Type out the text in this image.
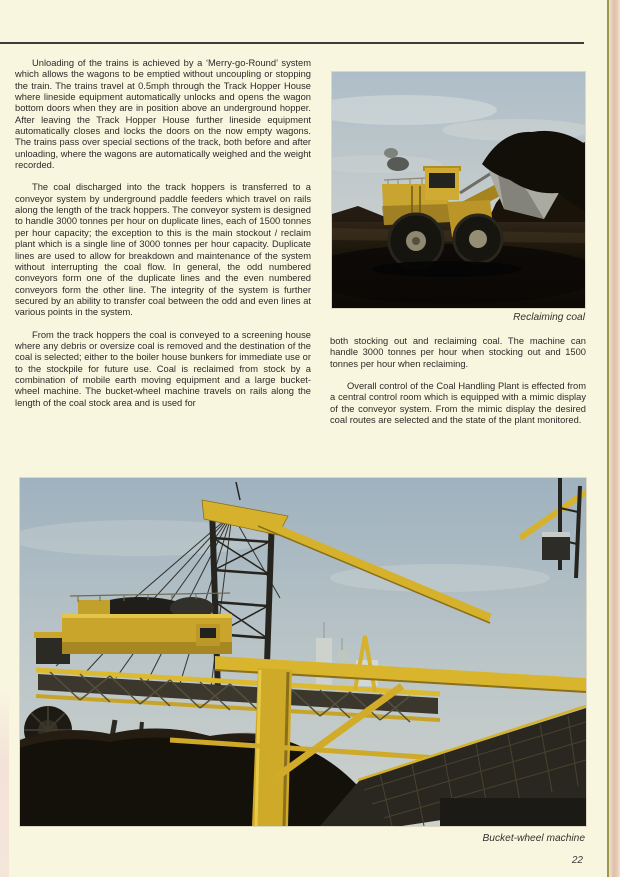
Unloading of the trains is achieved by a ‘Merry-go-Round’ system which allows the wagons to be emptied without uncoupling or stopping the train. The trains travel at 0.5mph through the Track Hopper House where lineside equipment automatically unlocks and opens the wagon bottom doors when they are in position above an underground hopper. After leaving the Track Hopper House further lineside equipment automatically closes and locks the doors on the now empty wagons. The trains pass over special sections of the track, both before and after unloading, where the wagons are automatically weighed and the weight recorded.

The coal discharged into the track hoppers is transferred to a conveyor system by underground paddle feeders which travel on rails along the length of the track hoppers. The conveyor system is designed to handle 3000 tonnes per hour on duplicate lines, each of 1500 tonnes per hour capacity; the exception to this is the main stockout / reclaim plant which is a single line of 3000 tonnes per hour capacity. Duplicate lines are used to allow for breakdown and maintenance of the system without interrupting the coal flow. In general, the odd numbered conveyors form one of the duplicate lines and the even numbered conveyors form the other line. The integrity of the system is further secured by an ability to transfer coal between the odd and even lines at various points in the system.

From the track hoppers the coal is conveyed to a screening house where any debris or oversize coal is removed and the destination of the coal is selected; either to the boiler house bunkers for immediate use or to the stockpile for future use. Coal is reclaimed from stock by a combination of mobile earth moving equipment and a large bucket-wheel machine. The bucket-wheel machine travels on rails along the length of the coal stock area and is used for

Reclaiming coal

both stocking out and reclaiming coal. The machine can handle 3000 tonnes per hour when stocking out and 1500 tonnes per hour when reclaiming.

Overall control of the Coal Handling Plant is effected from a central control room which is equipped with a mimic display of the conveyor system. From the mimic display the desired coal routes are selected and the state of the plant monitored.

Bucket-wheel machine
22
